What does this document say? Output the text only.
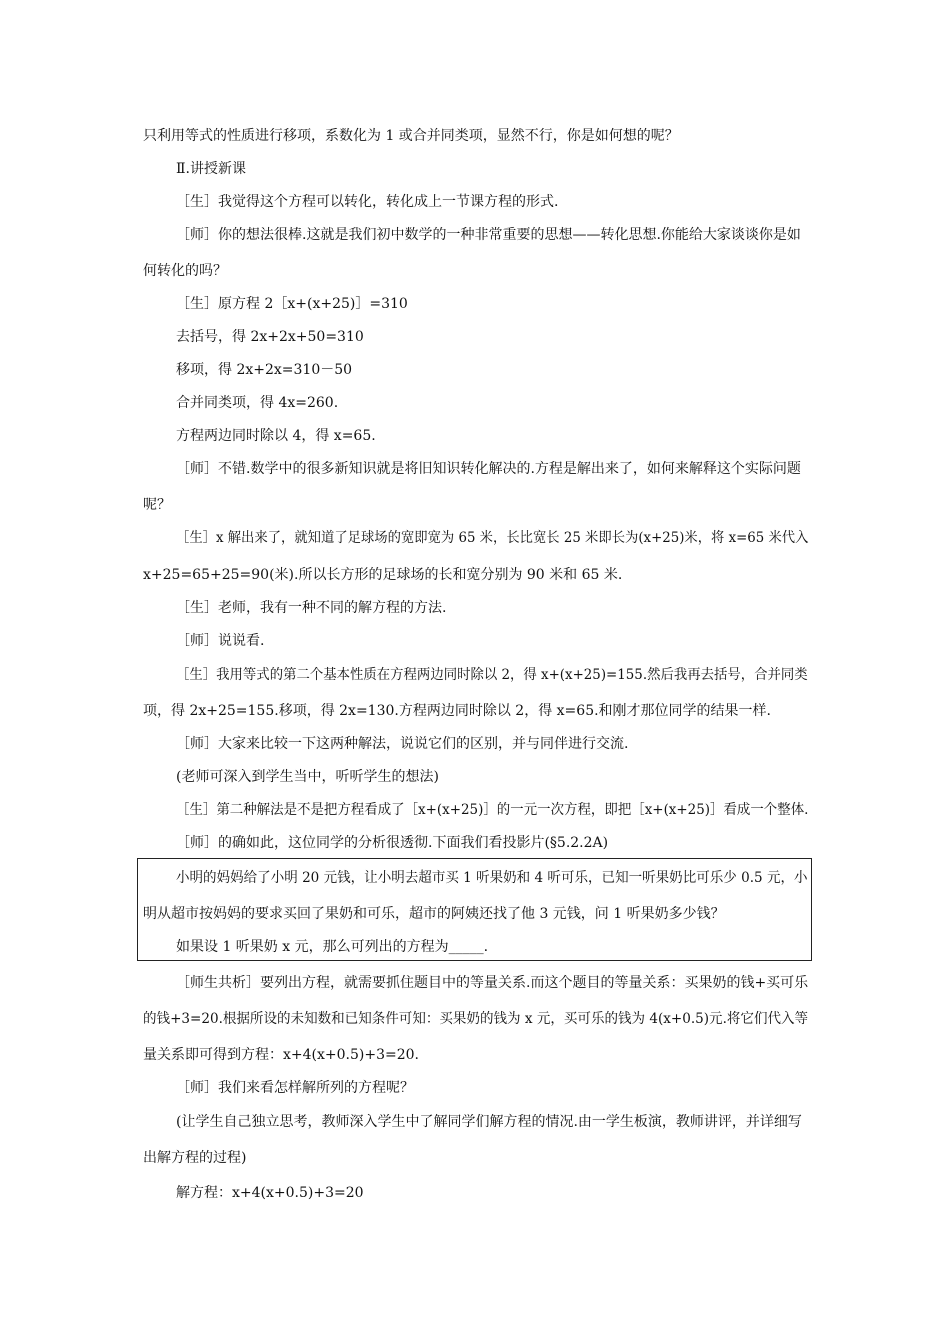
只利用等式的性质进行移项，系数化为 1 或合并同类项，显然不行，你是如何想的呢？
Ⅱ.讲授新课
［生］我觉得这个方程可以转化，转化成上一节课方程的形式.
［师］你的想法很棒.这就是我们初中数学的一种非常重要的思想——转化思想.你能给大家谈谈你是如
何转化的吗？
［生］原方程 2［x+(x+25)］=310
去括号，得 2x+2x+50=310
移项，得 2x+2x=310－50
合并同类项，得 4x=260.
方程两边同时除以 4，得 x=65.
［师］不错.数学中的很多新知识就是将旧知识转化解决的.方程是解出来了，如何来解释这个实际问题
呢？
［生］x 解出来了，就知道了足球场的宽即宽为 65 米，长比宽长 25 米即长为(x+25)米，将 x=65 米代入
x+25=65+25=90(米).所以长方形的足球场的长和宽分别为 90 米和 65 米.
［生］老师，我有一种不同的解方程的方法.
［师］说说看.
［生］我用等式的第二个基本性质在方程两边同时除以 2，得 x+(x+25)=155.然后我再去括号，合并同类
项，得 2x+25=155.移项，得 2x=130.方程两边同时除以 2，得 x=65.和刚才那位同学的结果一样.
［师］大家来比较一下这两种解法，说说它们的区别，并与同伴进行交流.
(老师可深入到学生当中，听听学生的想法)
［生］第二种解法是不是把方程看成了［x+(x+25)］的一元一次方程，即把［x+(x+25)］看成一个整体.
［师］的确如此，这位同学的分析很透彻.下面我们看投影片(§5.2.2A)
小明的妈妈给了小明 20 元钱，让小明去超市买 1 听果奶和 4 听可乐，已知一听果奶比可乐少 0.5 元，小
明从超市按妈妈的要求买回了果奶和可乐，超市的阿姨还找了他 3 元钱，问 1 听果奶多少钱？
如果设 1 听果奶 x 元，那么可列出的方程为_____.
［师生共析］要列出方程，就需要抓住题目中的等量关系.而这个题目的等量关系：买果奶的钱+买可乐
的钱+3=20.根据所设的未知数和已知条件可知：买果奶的钱为 x 元，买可乐的钱为 4(x+0.5)元.将它们代入等
量关系即可得到方程：x+4(x+0.5)+3=20.
［师］我们来看怎样解所列的方程呢？
(让学生自己独立思考，教师深入学生中了解同学们解方程的情况.由一学生板演，教师讲评，并详细写
出解方程的过程)
解方程：x+4(x+0.5)+3=20
